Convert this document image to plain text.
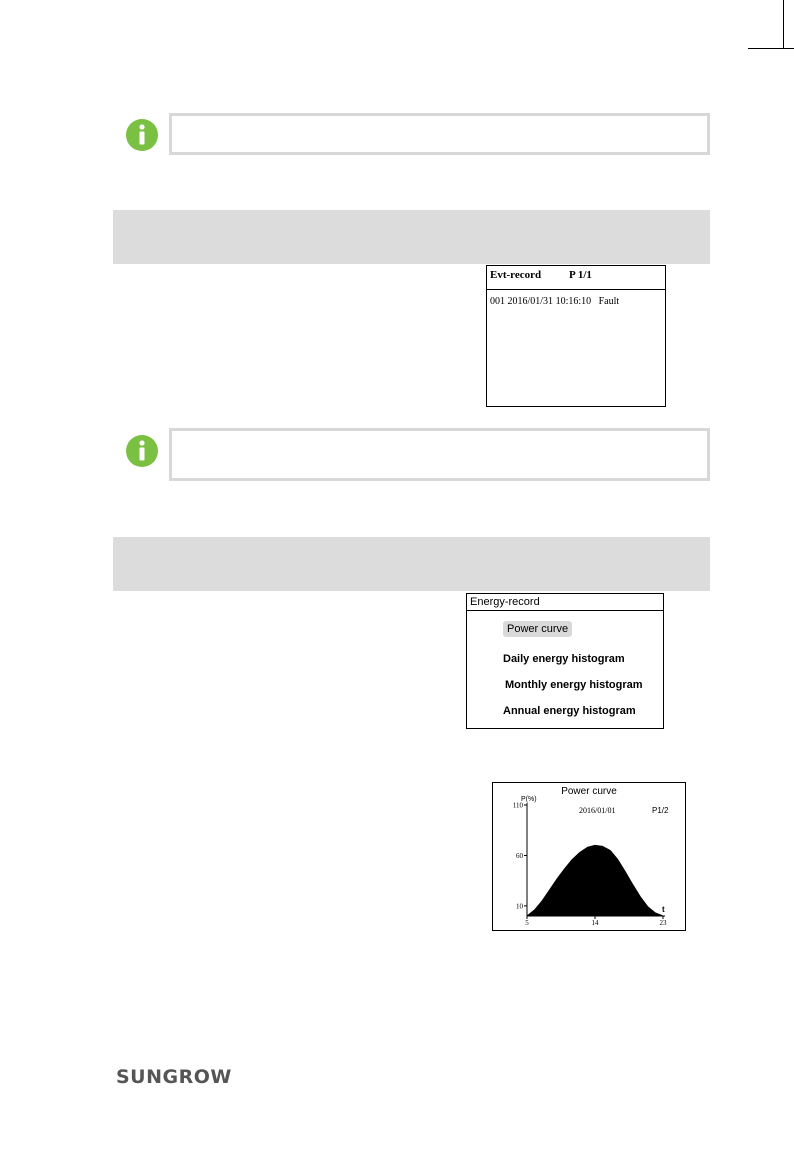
Evt-record	P 1/1
001 2016/01/31 10:16:10 Fault
Energy-record
Power curve
Daily energy histogram
Monthly energy histogram
Annual energy histogram
Power curve
2016/01/01	P1/2
P(%)
t
10
60
110
5	14	23
SUNGROW
